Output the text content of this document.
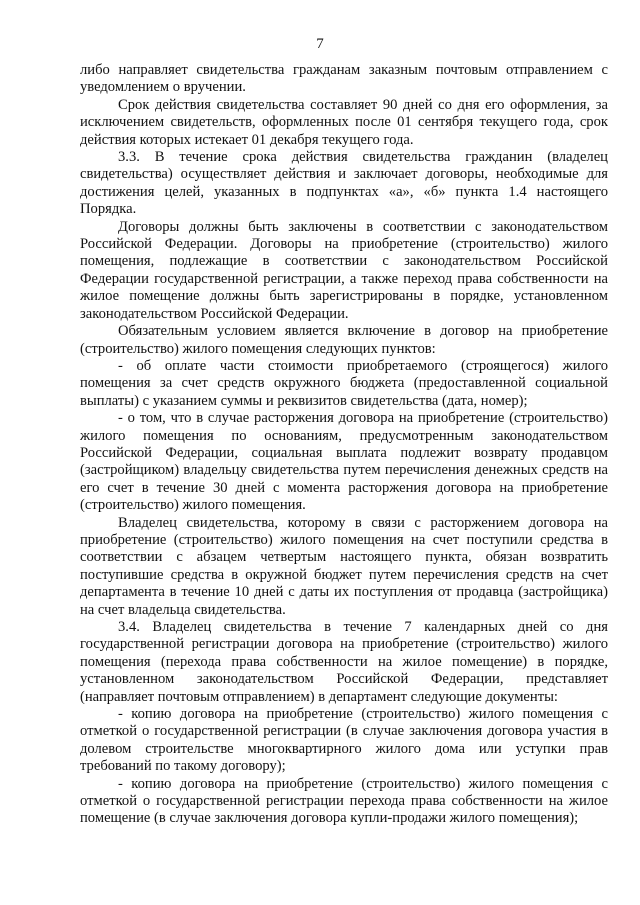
7

либо направляет свидетельства гражданам заказным почтовым отправлением с уведомлением о вручении.

Срок действия свидетельства составляет 90 дней со дня его оформления, за исключением свидетельств, оформленных после 01 сентября текущего года, срок действия которых истекает 01 декабря текущего года.

3.3. В течение срока действия свидетельства гражданин (владелец свидетельства) осуществляет действия и заключает договоры, необходимые для достижения целей, указанных в подпунктах «а», «б» пункта 1.4 настоящего Порядка.

Договоры должны быть заключены в соответствии с законодательством Российской Федерации. Договоры на приобретение (строительство) жилого помещения, подлежащие в соответствии с законодательством Российской Федерации государственной регистрации, а также переход права собственности на жилое помещение должны быть зарегистрированы в порядке, установленном законодательством Российской Федерации.

Обязательным условием является включение в договор на приобретение (строительство) жилого помещения следующих пунктов:

- об оплате части стоимости приобретаемого (строящегося) жилого помещения за счет средств окружного бюджета (предоставленной социальной выплаты) с указанием суммы и реквизитов свидетельства (дата, номер);

- о том, что в случае расторжения договора на приобретение (строительство) жилого помещения по основаниям, предусмотренным законодательством Российской Федерации, социальная выплата подлежит возврату продавцом (застройщиком) владельцу свидетельства путем перечисления денежных средств на его счет в течение 30 дней с момента расторжения договора на приобретение (строительство) жилого помещения.

Владелец свидетельства, которому в связи с расторжением договора на приобретение (строительство) жилого помещения на счет поступили средства в соответствии с абзацем четвертым настоящего пункта, обязан возвратить поступившие средства в окружной бюджет путем перечисления средств на счет департамента в течение 10 дней с даты их поступления от продавца (застройщика) на счет владельца свидетельства.

3.4. Владелец свидетельства в течение 7 календарных дней со дня государственной регистрации договора на приобретение (строительство) жилого помещения (перехода права собственности на жилое помещение) в порядке, установленном законодательством Российской Федерации, представляет (направляет почтовым отправлением) в департамент следующие документы:

- копию договора на приобретение (строительство) жилого помещения с отметкой о государственной регистрации (в случае заключения договора участия в долевом строительстве многоквартирного жилого дома или уступки прав требований по такому договору);

- копию договора на приобретение (строительство) жилого помещения с отметкой о государственной регистрации перехода права собственности на жилое помещение (в случае заключения договора купли-продажи жилого помещения);
